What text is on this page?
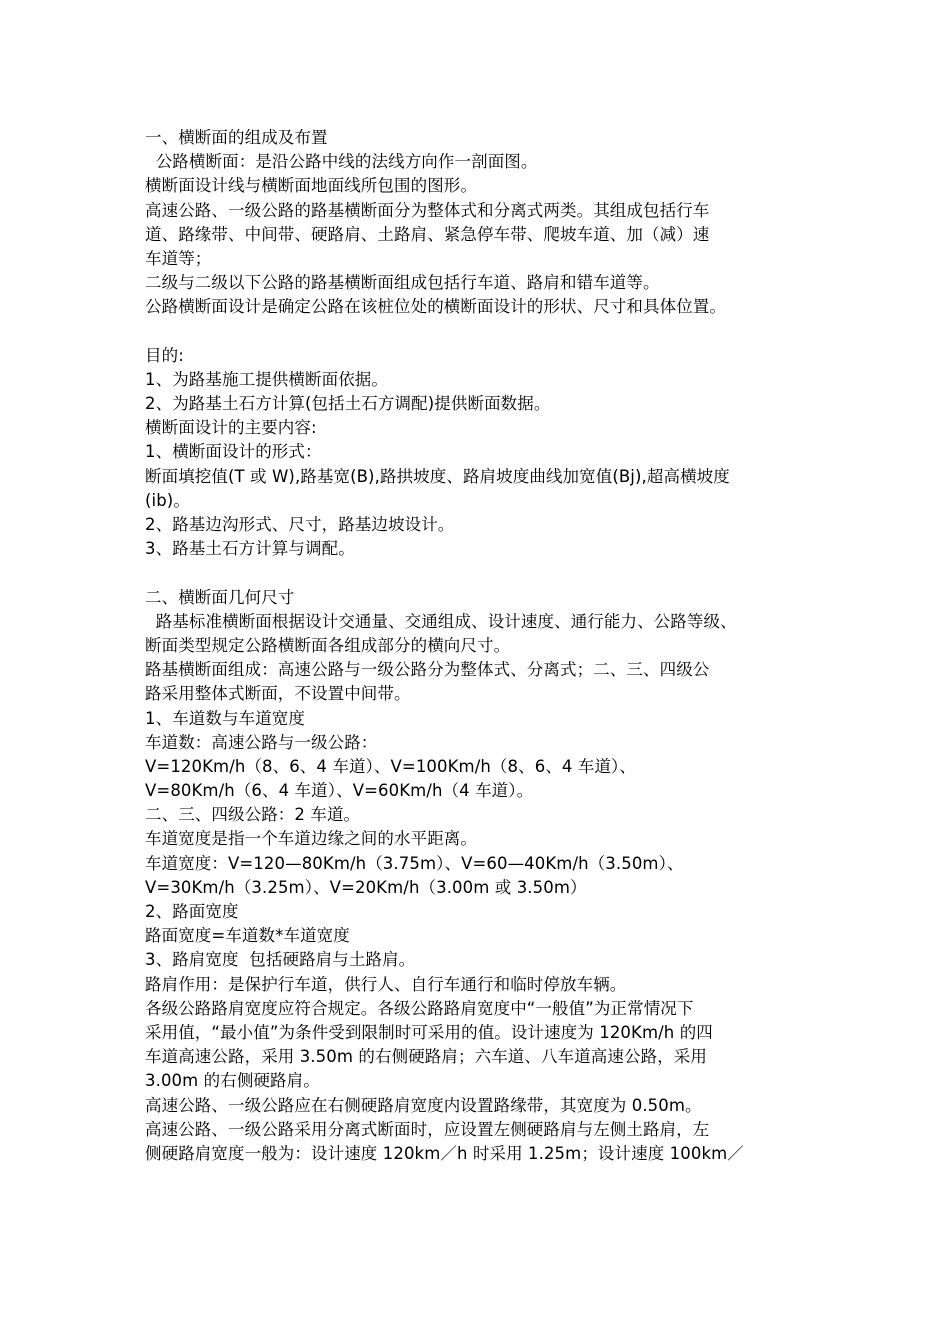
一、横断面的组成及布置
公路横断面：是沿公路中线的法线方向作一剖面图。
横断面设计线与横断面地面线所包围的图形。
高速公路、一级公路的路基横断面分为整体式和分离式两类。其组成包括行车
道、路缘带、中间带、硬路肩、土路肩、紧急停车带、爬坡车道、加（减）速
车道等；
二级与二级以下公路的路基横断面组成包括行车道、路肩和错车道等。
公路横断面设计是确定公路在该桩位处的横断面设计的形状、尺寸和具体位置。
目的:
1、为路基施工提供横断面依据。
2、为路基土石方计算(包括土石方调配)提供断面数据。
横断面设计的主要内容:
1、横断面设计的形式：
断面填挖值(T 或 W),路基宽(B),路拱坡度、路肩坡度曲线加宽值(Bj),超高横坡度
(ib)。
2、路基边沟形式、尺寸，路基边坡设计。
3、路基土石方计算与调配。
二、横断面几何尺寸
路基标准横断面根据设计交通量、交通组成、设计速度、通行能力、公路等级、
断面类型规定公路横断面各组成部分的横向尺寸。
路基横断面组成：高速公路与一级公路分为整体式、分离式；二、三、四级公
路采用整体式断面，不设置中间带。
1、车道数与车道宽度
车道数：高速公路与一级公路：
V=120Km/h（8、6、4 车道）、V=100Km/h（8、6、4 车道）、
V=80Km/h（6、4 车道）、V=60Km/h（4 车道）。
二、三、四级公路：2 车道。
车道宽度是指一个车道边缘之间的水平距离。
车道宽度：V=120—80Km/h（3.75m）、V=60—40Km/h（3.50m）、
V=30Km/h（3.25m）、V=20Km/h（3.00m 或 3.50m）
2、路面宽度
路面宽度=车道数*车道宽度
3、路肩宽度  包括硬路肩与土路肩。
路肩作用：是保护行车道，供行人、自行车通行和临时停放车辆。
各级公路路肩宽度应符合规定。各级公路路肩宽度中“一般值”为正常情况下
采用值，“最小值”为条件受到限制时可采用的值。设计速度为 120Km/h 的四
车道高速公路，采用 3.50m 的右侧硬路肩；六车道、八车道高速公路，采用
3.00m 的右侧硬路肩。
高速公路、一级公路应在右侧硬路肩宽度内设置路缘带，其宽度为 0.50m。
高速公路、一级公路采用分离式断面时，应设置左侧硬路肩与左侧土路肩，左
侧硬路肩宽度一般为：设计速度 120km／h 时采用 1.25m；设计速度 100km／
